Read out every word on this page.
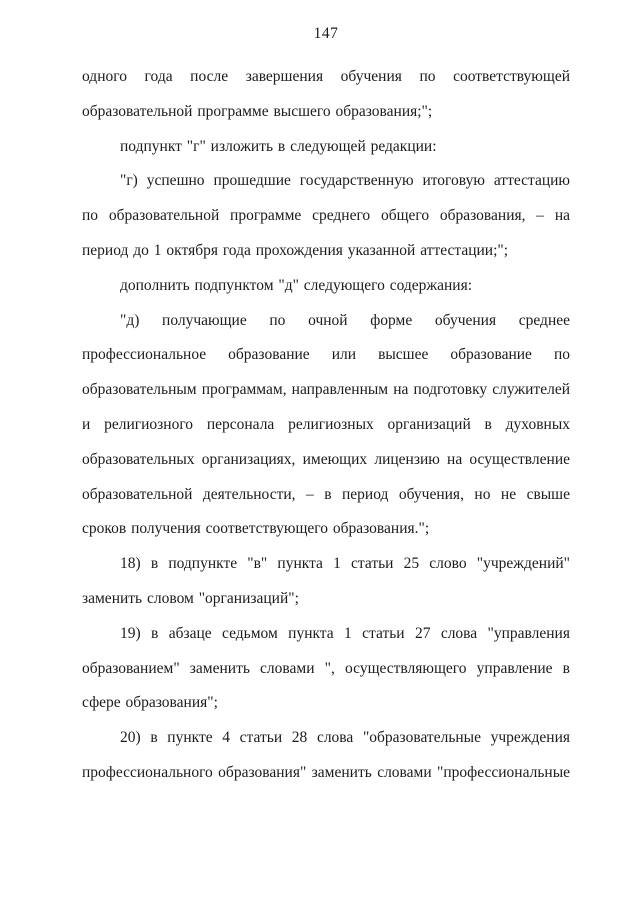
147

одного года после завершения обучения по соответствующей образовательной программе высшего образования;";

подпункт "г" изложить в следующей редакции:

"г) успешно прошедшие государственную итоговую аттестацию по образовательной программе среднего общего образования, – на период до 1 октября года прохождения указанной аттестации;";

дополнить подпунктом "д" следующего содержания:

"д) получающие по очной форме обучения среднее профессиональное образование или высшее образование по образовательным программам, направленным на подготовку служителей и религиозного персонала религиозных организаций в духовных образовательных организациях, имеющих лицензию на осуществление образовательной деятельности, – в период обучения, но не свыше сроков получения соответствующего образования.";

18) в подпункте "в" пункта 1 статьи 25 слово "учреждений" заменить словом "организаций";

19) в абзаце седьмом пункта 1 статьи 27 слова "управления образованием" заменить словами ", осуществляющего управление в сфере образования";

20) в пункте 4 статьи 28 слова "образовательные учреждения профессионального образования" заменить словами "профессиональные
